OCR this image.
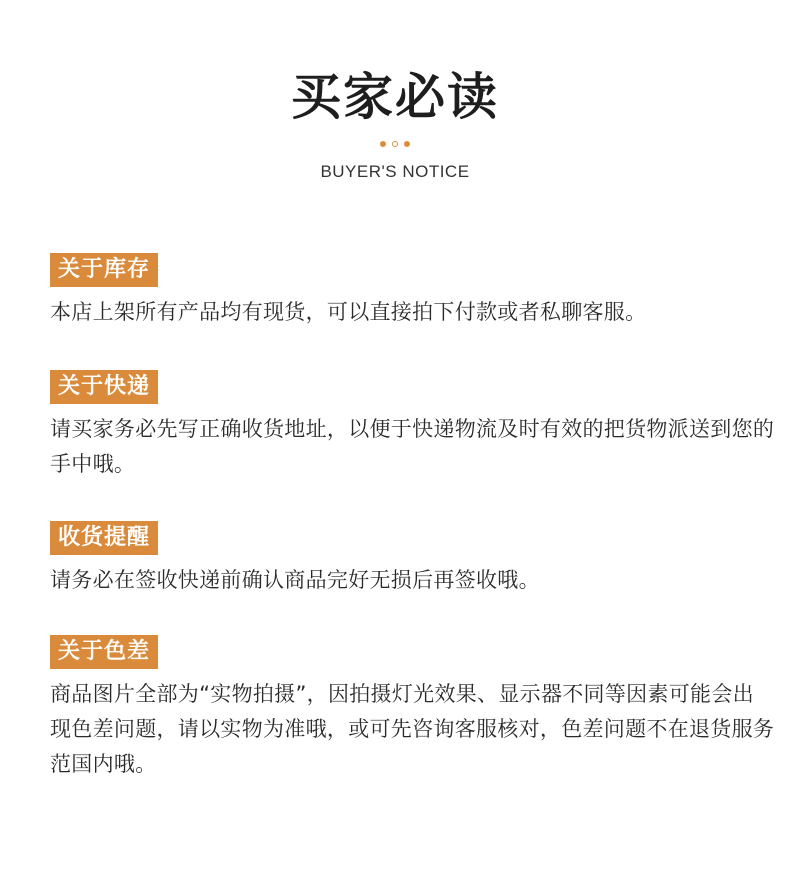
买家必读
BUYER'S NOTICE
关于库存
本店上架所有产品均有现货，可以直接拍下付款或者私聊客服。
关于快递
请买家务必先写正确收货地址，以便于快递物流及时有效的把货物派送到您的手中哦。
收货提醒
请务必在签收快递前确认商品完好无损后再签收哦。
关于色差
商品图片全部为“实物拍摄”，因拍摄灯光效果、显示器不同等因素可能会出现色差问题，请以实物为准哦，或可先咨询客服核对，色差问题不在退货服务范国内哦。
